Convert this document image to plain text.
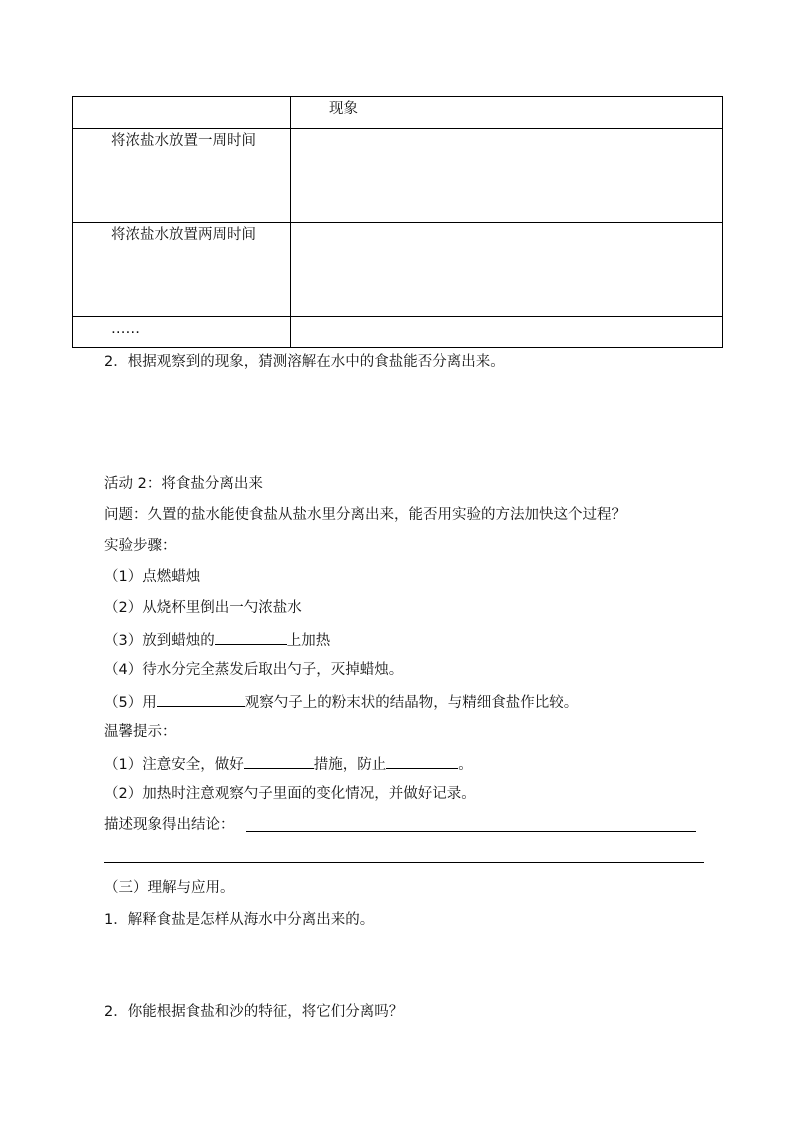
	现象

将浓盐水放置一周时间	

将浓盐水放置两周时间	

……	

2．根据观察到的现象，猜测溶解在水中的食盐能否分离出来。
活动 2：将食盐分离出来
问题：久置的盐水能使食盐从盐水里分离出来，能否用实验的方法加快这个过程？
实验步骤：
（1）点燃蜡烛
（2）从烧杯里倒出一勺浓盐水
（3）放到蜡烛的	上加热
（4）待水分完全蒸发后取出勺子，灭掉蜡烛。
（5）用	观察勺子上的粉末状的结晶物，与精细食盐作比较。
温馨提示：
（1）注意安全，做好	措施，防止	。
（2）加热时注意观察勺子里面的变化情况，并做好记录。
描述现象得出结论：
（三）理解与应用。
1．解释食盐是怎样从海水中分离出来的。
2．你能根据食盐和沙的特征，将它们分离吗？
